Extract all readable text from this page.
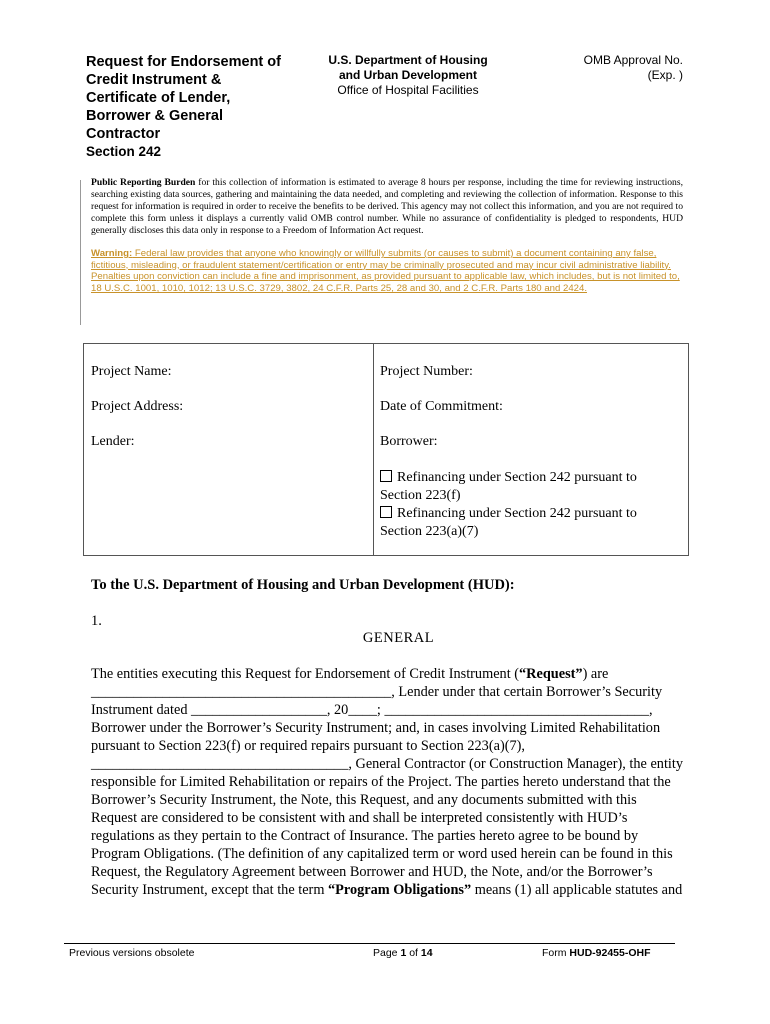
Request for Endorsement of
Credit Instrument &
Certificate of Lender,
Borrower & General
Contractor
Section 242
U.S. Department of Housing
and Urban Development
Office of Hospital Facilities
OMB Approval No.
(Exp. )
Public Reporting Burden for this collection of information is estimated to average 8 hours per response, including the time for reviewing instructions, searching existing data sources, gathering and maintaining the data needed, and completing and reviewing the collection of information. Response to this request for information is required in order to receive the benefits to be derived. This agency may not collect this information, and you are not required to complete this form unless it displays a currently valid OMB control number. While no assurance of confidentiality is pledged to respondents, HUD generally discloses this data only in response to a Freedom of Information Act request.
Warning: Federal law provides that anyone who knowingly or willfully submits (or causes to submit) a document containing any false, fictitious, misleading, or fraudulent statement/certification or entry may be criminally prosecuted and may incur civil administrative liability. Penalties upon conviction can include a fine and imprisonment, as provided pursuant to applicable law, which includes, but is not limited to, 18 U.S.C. 1001, 1010, 1012; 13 U.S.C. 3729, 3802, 24 C.F.R. Parts 25, 28 and 30, and 2 C.F.R. Parts 180 and 2424.
Project Name:	Project Number:
Project Address:	Date of Commitment:
Lender:	Borrower:
Refinancing under Section 242 pursuant to Section 223(f)
Refinancing under Section 242 pursuant to Section 223(a)(7)
To the U.S. Department of Housing and Urban Development (HUD):
1.
GENERAL

The entities executing this Request for Endorsement of Credit Instrument (“Request”) are __________________________________________, Lender under that certain Borrower’s Security Instrument dated ___________________, 20____; _____________________________________, Borrower under the Borrower’s Security Instrument; and, in cases involving Limited Rehabilitation pursuant to Section 223(f) or required repairs pursuant to Section 223(a)(7), ____________________________________, General Contractor (or Construction Manager), the entity responsible for Limited Rehabilitation or repairs of the Project. The parties hereto understand that the Borrower’s Security Instrument, the Note, this Request, and any documents submitted with this Request are considered to be consistent with and shall be interpreted consistently with HUD’s regulations as they pertain to the Contract of Insurance. The parties hereto agree to be bound by Program Obligations. (The definition of any capitalized term or word used herein can be found in this Request, the Regulatory Agreement between Borrower and HUD, the Note, and/or the Borrower’s Security Instrument, except that the term “Program Obligations” means (1) all applicable statutes and

Previous versions obsolete	Page 1 of 14	Form HUD-92455-OHF
